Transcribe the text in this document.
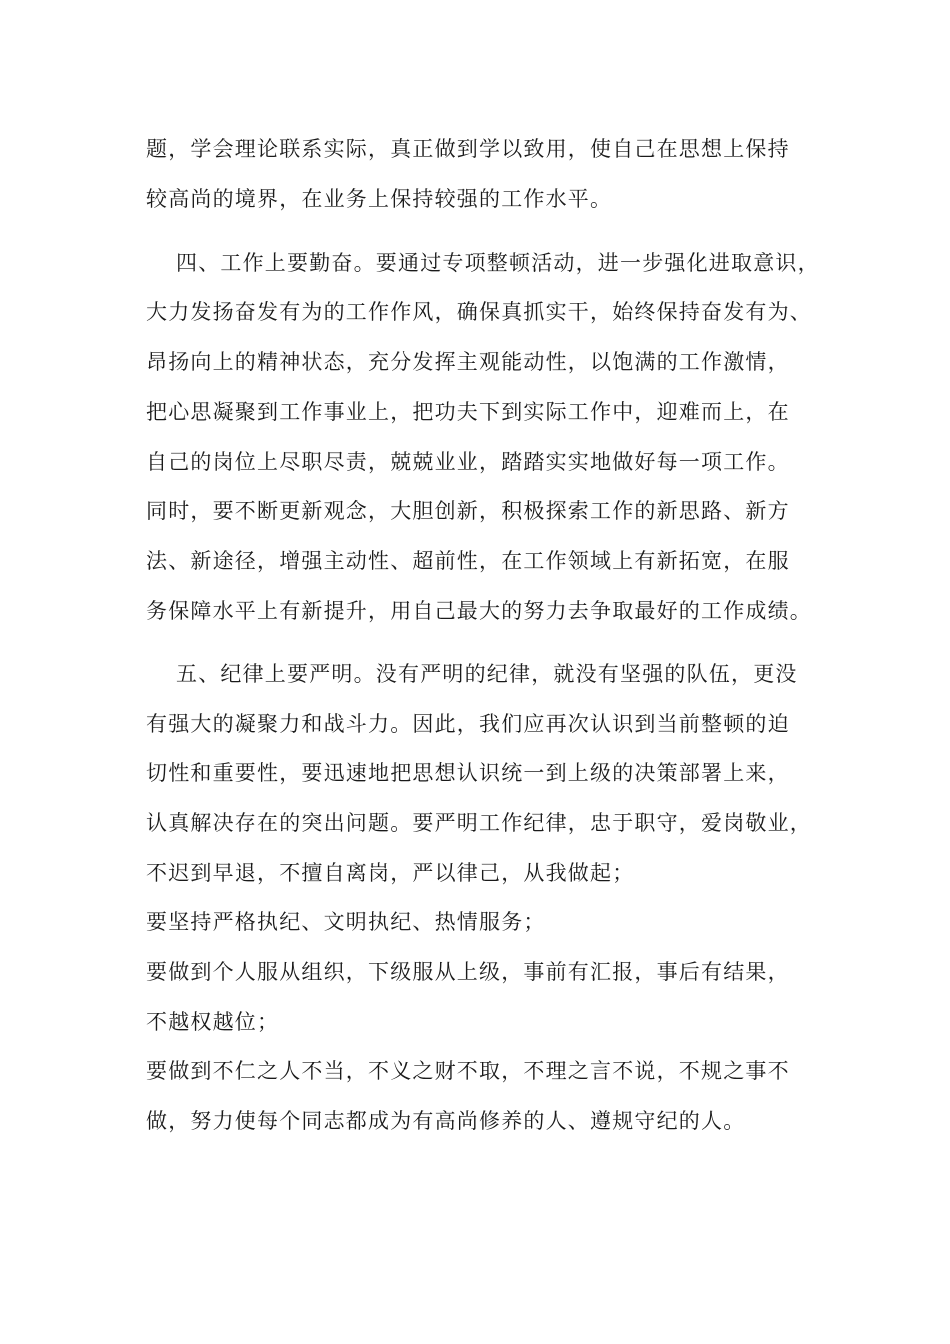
题，学会理论联系实际，真正做到学以致用，使自己在思想上保持
较高尚的境界，在业务上保持较强的工作水平。
四、工作上要勤奋。要通过专项整顿活动，进一步强化进取意识，
大力发扬奋发有为的工作作风，确保真抓实干，始终保持奋发有为、
昂扬向上的精神状态，充分发挥主观能动性，以饱满的工作激情，
把心思凝聚到工作事业上，把功夫下到实际工作中，迎难而上，在
自己的岗位上尽职尽责，兢兢业业，踏踏实实地做好每一项工作。
同时，要不断更新观念，大胆创新，积极探索工作的新思路、新方
法、新途径，增强主动性、超前性，在工作领域上有新拓宽，在服
务保障水平上有新提升，用自己最大的努力去争取最好的工作成绩。
五、纪律上要严明。没有严明的纪律，就没有坚强的队伍，更没
有强大的凝聚力和战斗力。因此，我们应再次认识到当前整顿的迫
切性和重要性，要迅速地把思想认识统一到上级的决策部署上来，
认真解决存在的突出问题。要严明工作纪律，忠于职守，爱岗敬业，
不迟到早退，不擅自离岗，严以律己，从我做起；
要坚持严格执纪、文明执纪、热情服务；
要做到个人服从组织，下级服从上级，事前有汇报，事后有结果，
不越权越位；
要做到不仁之人不当，不义之财不取，不理之言不说，不规之事不
做，努力使每个同志都成为有高尚修养的人、遵规守纪的人。
